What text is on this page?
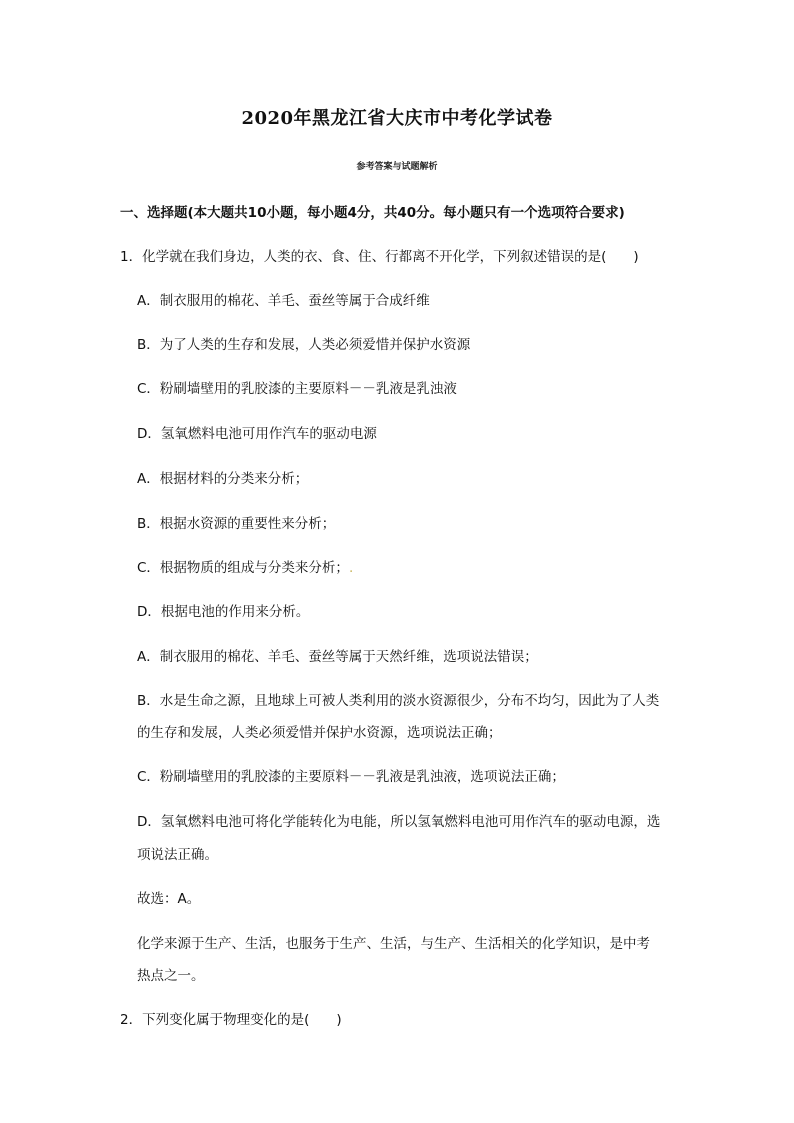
2020年黑龙江省大庆市中考化学试卷
参考答案与试题解析
一、选择题(本大题共10小题，每小题4分，共40分。每小题只有一个选项符合要求)
1．化学就在我们身边，人类的衣、食、住、行都离不开化学，下列叙述错误的是(　　)
A．制衣服用的棉花、羊毛、蚕丝等属于合成纤维
B．为了人类的生存和发展，人类必须爱惜并保护水资源
C．粉刷墙壁用的乳胶漆的主要原料－－乳液是乳浊液
D．氢氧燃料电池可用作汽车的驱动电源
A．根据材料的分类来分析；
B．根据水资源的重要性来分析；
C．根据物质的组成与分类来分析；.
D．根据电池的作用来分析。
A．制衣服用的棉花、羊毛、蚕丝等属于天然纤维，选项说法错误；
B．水是生命之源，且地球上可被人类利用的淡水资源很少，分布不均匀，因此为了人类
的生存和发展，人类必须爱惜并保护水资源，选项说法正确；
C．粉刷墙壁用的乳胶漆的主要原料－－乳液是乳浊液，选项说法正确；
D．氢氧燃料电池可将化学能转化为电能，所以氢氧燃料电池可用作汽车的驱动电源，选
项说法正确。
故选：A。
化学来源于生产、生活，也服务于生产、生活，与生产、生活相关的化学知识，是中考
热点之一。
2．下列变化属于物理变化的是(　　)
